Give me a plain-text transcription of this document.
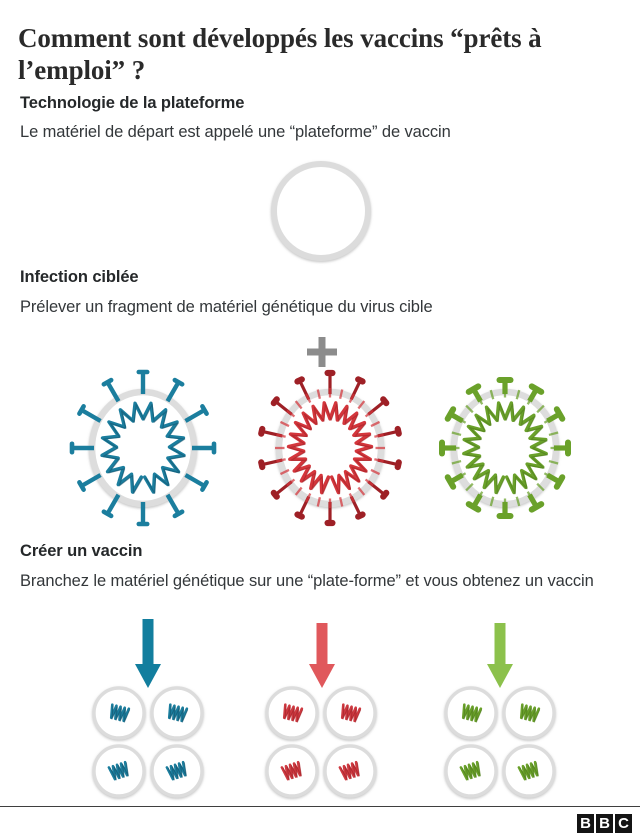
Comment sont développés les vaccins “prêts à l’emploi” ?
Technologie de la plateforme
Le matériel de départ est appelé une “plateforme” de vaccin
Infection ciblée
Prélever un fragment de matériel génétique du virus cible
Créer un vaccin
Branchez le matériel génétique sur une “plate-forme” et vous obtenez un vaccin
B B C
